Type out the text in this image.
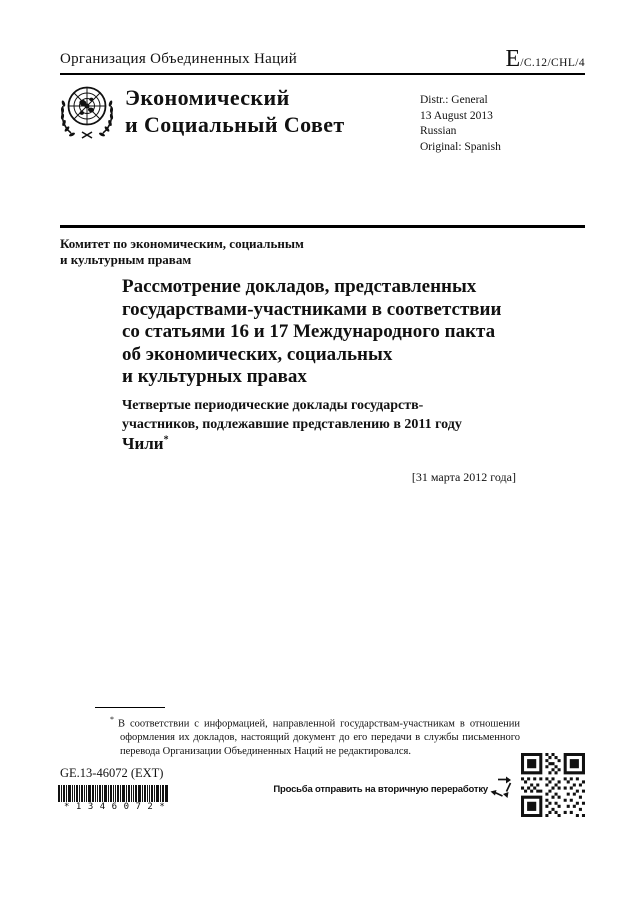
Организация Объединенных Наций	E/C.12/CHL/4
Экономический
и Социальный Совет
Distr.: General
13 August 2013
Russian
Original: Spanish
Комитет по экономическим, социальным
и культурным правам
Рассмотрение докладов, представленных
государствами-участниками в соответствии
со статьями 16 и 17 Международного пакта
об экономических, социальных
и культурных правах
Четвертые периодические доклады государств-
участников, подлежавшие представлению в 2011 году
Чили*
[31 марта 2012 года]
* В соответствии с информацией, направленной государствам-участникам в отношении оформления их докладов, настоящий документ до его передачи в службы письменного перевода Организации Объединенных Наций не редактировался.
GE.13-46072 (EXT)
*1346072*
Просьба отправить на вторичную переработку
